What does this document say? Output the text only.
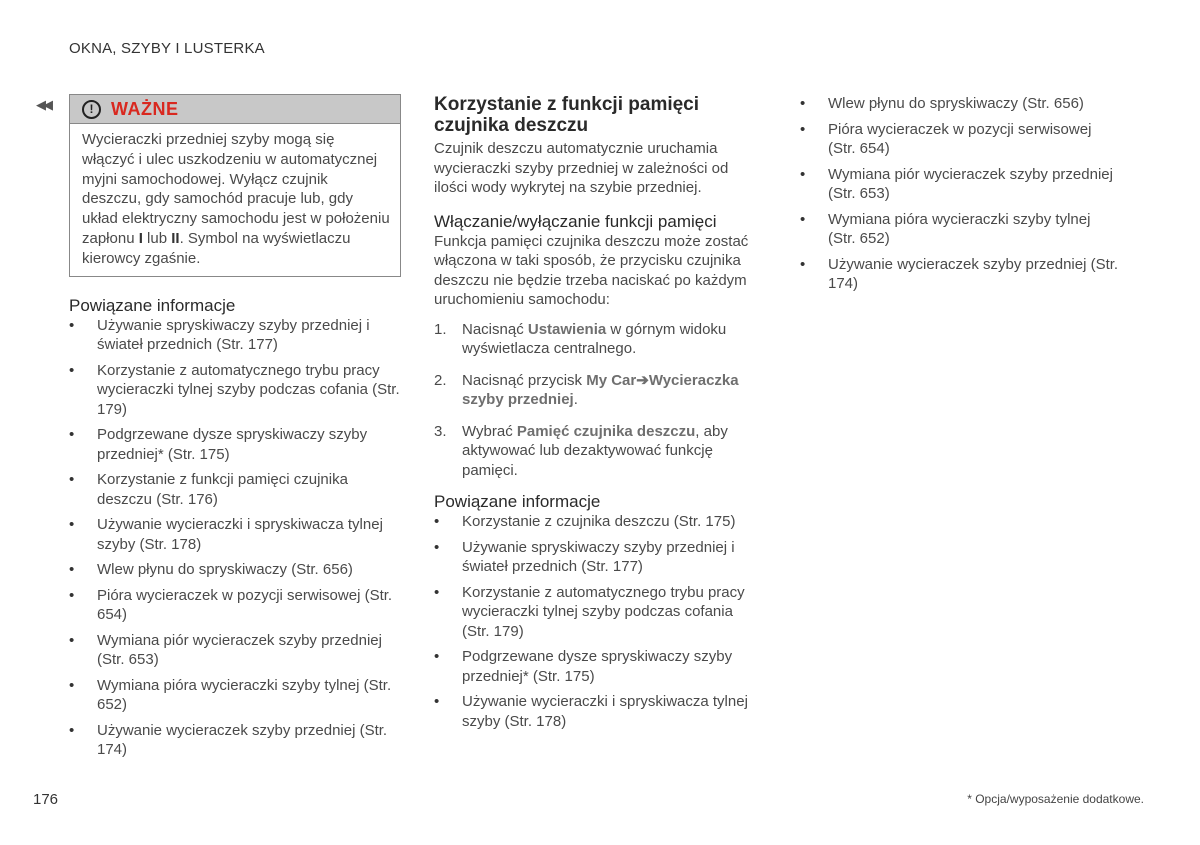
OKNA, SZYBY I LUSTERKA
◀◀	! WAŻNE
Wycieraczki przedniej szyby mogą się włączyć i ulec uszkodzeniu w automatycznej myjni samochodowej. Wyłącz czujnik deszczu, gdy samochód pracuje lub, gdy układ elektryczny samochodu jest w położeniu zapłonu I lub II. Symbol na wyświetlaczu kierowcy zgaśnie.
Powiązane informacje
• Używanie spryskiwaczy szyby przedniej i świateł przednich (Str. 177)
• Korzystanie z automatycznego trybu pracy wycieraczki tylnej szyby podczas cofania (Str. 179)
• Podgrzewane dysze spryskiwaczy szyby przedniej* (Str. 175)
• Korzystanie z funkcji pamięci czujnika deszczu (Str. 176)
• Używanie wycieraczki i spryskiwacza tylnej szyby (Str. 178)
• Wlew płynu do spryskiwaczy (Str. 656)
• Pióra wycieraczek w pozycji serwisowej (Str. 654)
• Wymiana piór wycieraczek szyby przedniej (Str. 653)
• Wymiana pióra wycieraczki szyby tylnej (Str. 652)
• Używanie wycieraczek szyby przedniej (Str. 174)
Korzystanie z funkcji pamięci czujnika deszczu

Czujnik deszczu automatycznie uruchamia wycieraczki szyby przedniej w zależności od ilości wody wykrytej na szybie przedniej.

Włączanie/wyłączanie funkcji pamięci

Funkcja pamięci czujnika deszczu może zostać włączona w taki sposób, że przycisku czujnika deszczu nie będzie trzeba naciskać po każdym uruchomieniu samochodu:

1. Nacisnąć Ustawienia w górnym widoku wyświetlacza centralnego.
2. Nacisnąć przycisk My Car➔Wycieraczka szyby przedniej.
3. Wybrać Pamięć czujnika deszczu, aby aktywować lub dezaktywować funkcję pamięci.
Powiązane informacje
• Korzystanie z czujnika deszczu (Str. 175)
• Używanie spryskiwaczy szyby przedniej i świateł przednich (Str. 177)
• Korzystanie z automatycznego trybu pracy wycieraczki tylnej szyby podczas cofania (Str. 179)
• Podgrzewane dysze spryskiwaczy szyby przedniej* (Str. 175)
• Używanie wycieraczki i spryskiwacza tylnej szyby (Str. 178)
• Wlew płynu do spryskiwaczy (Str. 656)
• Pióra wycieraczek w pozycji serwisowej (Str. 654)
• Wymiana piór wycieraczek szyby przedniej (Str. 653)
• Wymiana pióra wycieraczki szyby tylnej (Str. 652)
• Używanie wycieraczek szyby przedniej (Str. 174)
176	* Opcja/wyposażenie dodatkowe.
